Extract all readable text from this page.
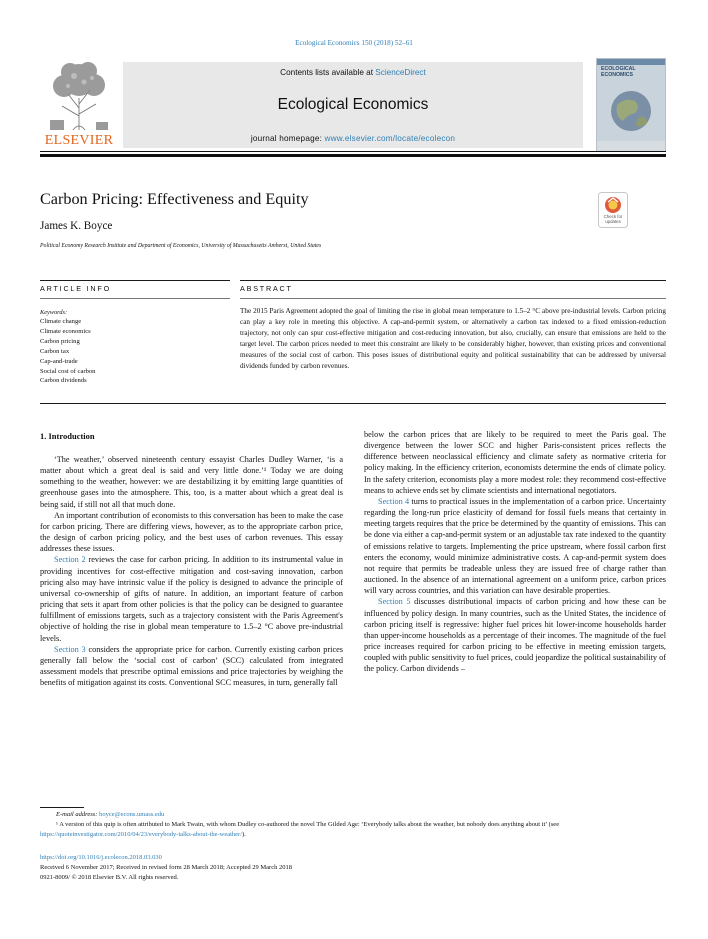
Ecological Economics 150 (2018) 52–61
ELSEVIER
Contents lists available at ScienceDirect
Ecological Economics
journal homepage: www.elsevier.com/locate/ecolecon
ECOLOGICAL ECONOMICS
Carbon Pricing: Effectiveness and Equity
James K. Boyce
Political Economy Research Institute and Department of Economics, University of Massachusetts Amherst, United States
Check for updates
ARTICLE INFO	ABSTRACT
Keywords:
Climate change
Climate economics
Carbon pricing
Carbon tax
Cap-and-trade
Social cost of carbon
Carbon dividends
The 2015 Paris Agreement adopted the goal of limiting the rise in global mean temperature to 1.5–2 °C above pre-industrial levels. Carbon pricing can play a key role in meeting this objective. A cap-and-permit system, or alternatively a carbon tax indexed to a fixed emission-reduction trajectory, not only can spur cost-effective mitigation and cost-reducing innovation, but also, crucially, can ensure that emissions are held to the target level. The carbon prices needed to meet this constraint are likely to be considerably higher, however, than existing prices and conventional measures of the social cost of carbon. This poses issues of distributional equity and political sustainability that can be addressed by universal dividends funded by carbon revenues.
1. Introduction

‘The weather,’ observed nineteenth century essayist Charles Dudley Warner, ‘is a matter about which a great deal is said and very little done.’¹ Today we are doing something to the weather, however: we are destabilizing it by emitting large quantities of greenhouse gases into the atmosphere. This, too, is a matter about which a great deal is being said, if still not all that much done.

An important contribution of economists to this conversation has been to make the case for carbon pricing. There are differing views, however, as to the appropriate carbon price, the design of carbon pricing policy, and the best uses of carbon revenues. This essay addresses these issues.

Section 2 reviews the case for carbon pricing. In addition to its instrumental value in providing incentives for cost-effective mitigation and cost-saving innovation, carbon pricing also may have intrinsic value if the policy is designed to advance the principle of universal co-ownership of gifts of nature. In addition, an important feature of carbon pricing that sets it apart from other policies is that the policy can be designed to guarantee fulfillment of emissions targets, such as a trajectory consistent with the Paris Agreement's objective of holding the rise in global mean temperature to 1.5–2 °C above pre-industrial levels.

Section 3 considers the appropriate price for carbon. Currently existing carbon prices generally fall below the ‘social cost of carbon’ (SCC) calculated from integrated assessment models that prescribe optimal emissions and price trajectories by weighing the benefits of mitigation against its costs. Conventional SCC measures, in turn, generally fall

below the carbon prices that are likely to be required to meet the Paris goal. The divergence between the lower SCC and higher Paris-consistent prices reflects the difference between neoclassical efficiency and climate safety as normative criteria for policy making. In the efficiency criterion, economists determine the ends of climate policy. In the safety criterion, economists play a more modest role: they recommend cost-effective means to achieve ends set by climate scientists and international negotiators.

Section 4 turns to practical issues in the implementation of a carbon price. Uncertainty regarding the long-run price elasticity of demand for fossil fuels means that certainty in meeting targets requires that the price be determined by the quantity of emissions. This can be done via either a cap-and-permit system or an adjustable tax rate indexed to the quantity of emissions relative to targets. Implementing the price upstream, where fossil carbon first enters the economy, would minimize administrative costs. A cap-and-permit system does not require that permits be tradeable unless they are issued free of charge rather than auctioned. In the absence of an international agreement on a uniform price, carbon prices will vary across countries, and this variation can have desirable properties.

Section 5 discusses distributional impacts of carbon pricing and how these can be influenced by policy design. In many countries, such as the United States, the incidence of carbon pricing itself is regressive: higher fuel prices hit lower-income households harder than upper-income households as a percentage of their incomes. The magnitude of the fuel price increases required for carbon pricing to be effective in meeting emission targets, coupled with public sensitivity to fuel prices, could jeopardize the political sustainability of the policy. Carbon dividends –

E-mail address: boyce@econs.umass.edu
¹ A version of this quip is often attributed to Mark Twain, with whom Dudley co-authored the novel The Gilded Age: ‘Everybody talks about the weather, but nobody does anything about it’ (see https://quoteinvestigator.com/2010/04/23/everybody-talks-about-the-weather/).
https://doi.org/10.1016/j.ecolecon.2018.03.030
Received 6 November 2017; Received in revised form 28 March 2018; Accepted 29 March 2018
0921-8009/ © 2018 Elsevier B.V. All rights reserved.
